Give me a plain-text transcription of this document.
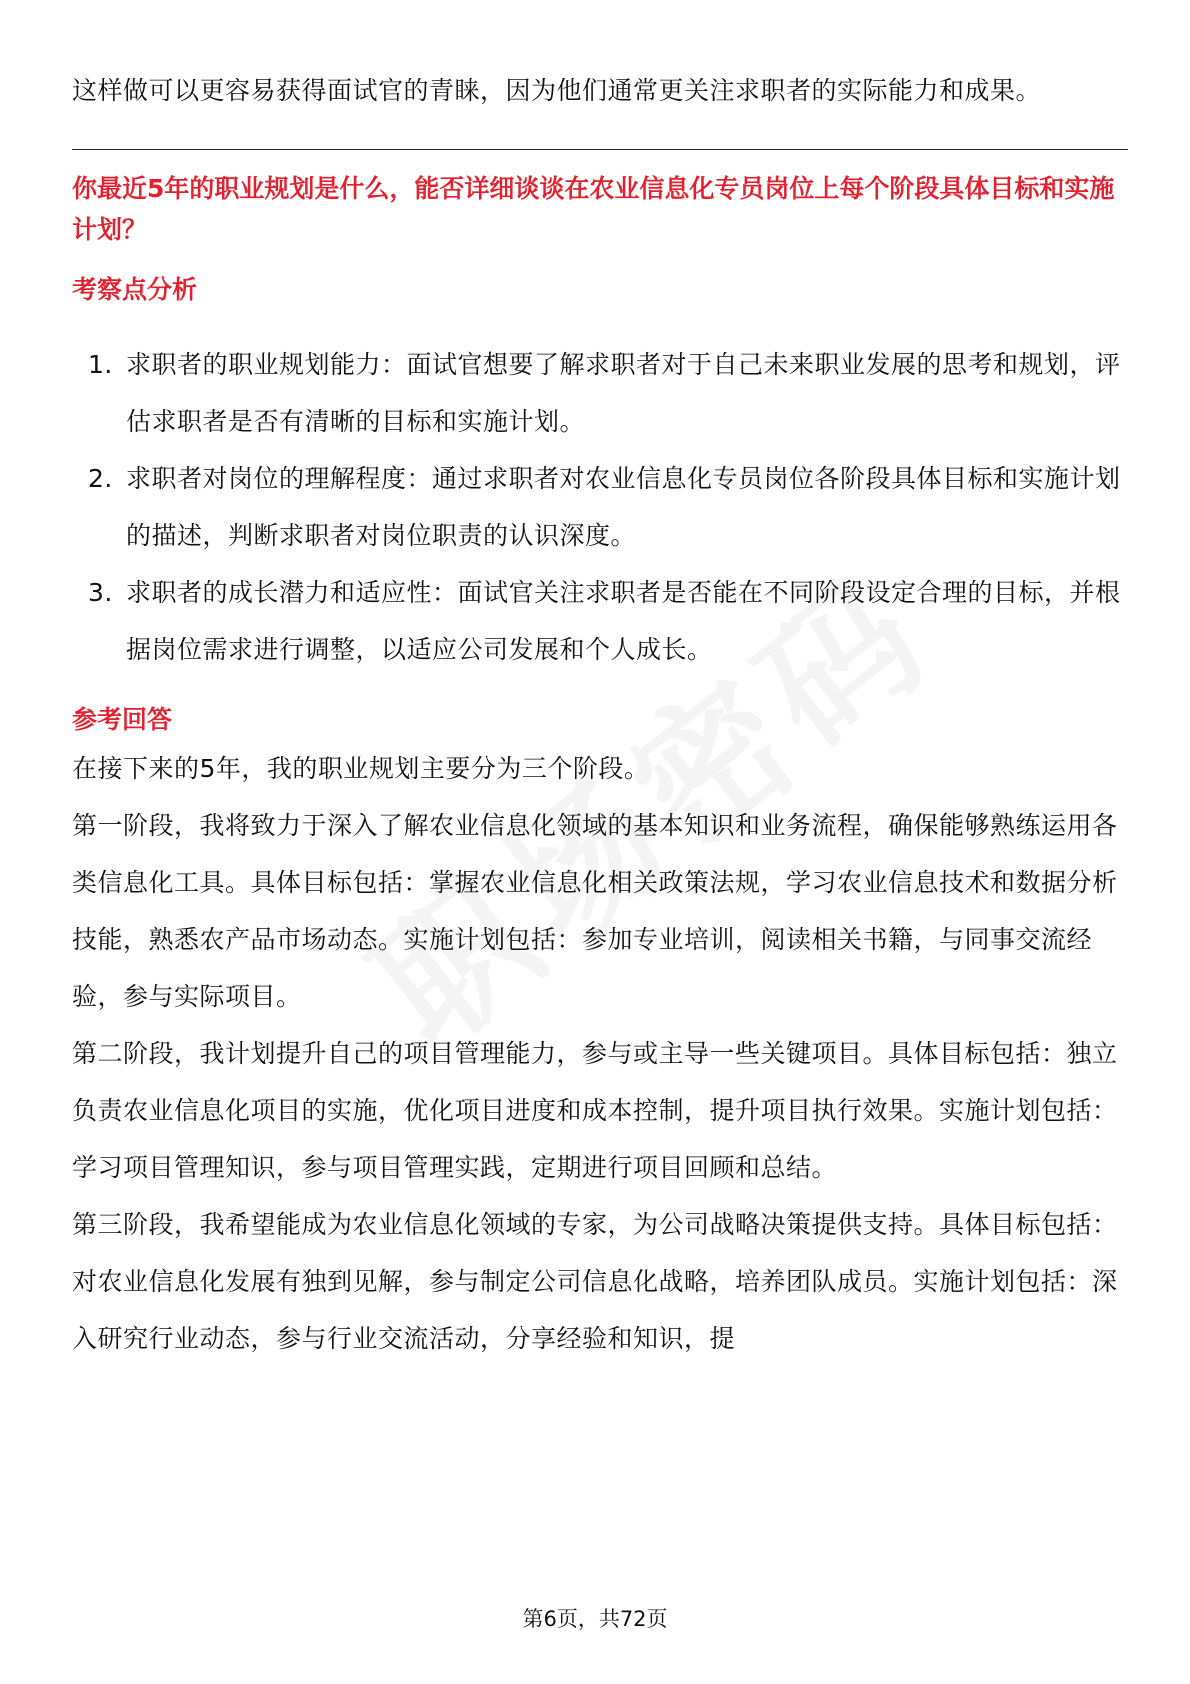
这样做可以更容易获得面试官的青睐，因为他们通常更关注求职者的实际能力和成果。

你最近5年的职业规划是什么，能否详细谈谈在农业信息化专员岗位上每个阶段具体目标和实施计划？

考察点分析
1. 求职者的职业规划能力：面试官想要了解求职者对于自己未来职业发展的思考和规划，评估求职者是否有清晰的目标和实施计划。
2. 求职者对岗位的理解程度：通过求职者对农业信息化专员岗位各阶段具体目标和实施计划的描述，判断求职者对岗位职责的认识深度。
3. 求职者的成长潜力和适应性：面试官关注求职者是否能在不同阶段设定合理的目标，并根据岗位需求进行调整，以适应公司发展和个人成长。
参考回答

在接下来的5年，我的职业规划主要分为三个阶段。

第一阶段，我将致力于深入了解农业信息化领域的基本知识和业务流程，确保能够熟练运用各类信息化工具。具体目标包括：掌握农业信息化相关政策法规，学习农业信息技术和数据分析技能，熟悉农产品市场动态。实施计划包括：参加专业培训，阅读相关书籍，与同事交流经验，参与实际项目。

第二阶段，我计划提升自己的项目管理能力，参与或主导一些关键项目。具体目标包括：独立负责农业信息化项目的实施，优化项目进度和成本控制，提升项目执行效果。实施计划包括：学习项目管理知识，参与项目管理实践，定期进行项目回顾和总结。

第三阶段，我希望能成为农业信息化领域的专家，为公司战略决策提供支持。具体目标包括：对农业信息化发展有独到见解，参与制定公司信息化战略，培养团队成员。实施计划包括：深入研究行业动态，参与行业交流活动，分享经验和知识，提

第6页，共72页
